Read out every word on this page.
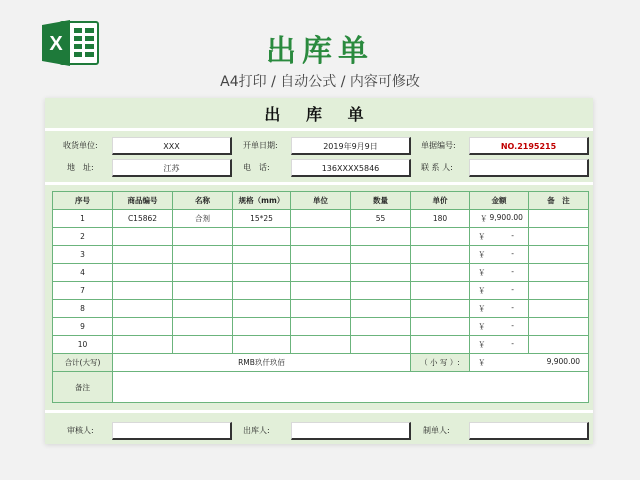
X	出库单
A4打印 / 自动公式 / 内容可修改
出 库 单
收货单位:	XXX	开单日期:	2019年9月9日	单据编号:	NO.2195215
地　址:	江苏	电　话:	136XXXX5846	联 系 人:
序号	商品编号	名称	规格（mm）	单位	数量	单价	金额	备　注
1	C15862	合剂	15*25		55	180	￥ 9,900.00	

2							￥ -	

3							￥ -	

4							￥ -	

7							￥ -	

8							￥ -	

9							￥ -	

10							￥ -	

合计(大写)	RMB玖仟玖佰					（ 小 写 ）:	￥ 9,900.00	

备注								
审核人:	出库人:	制单人:
